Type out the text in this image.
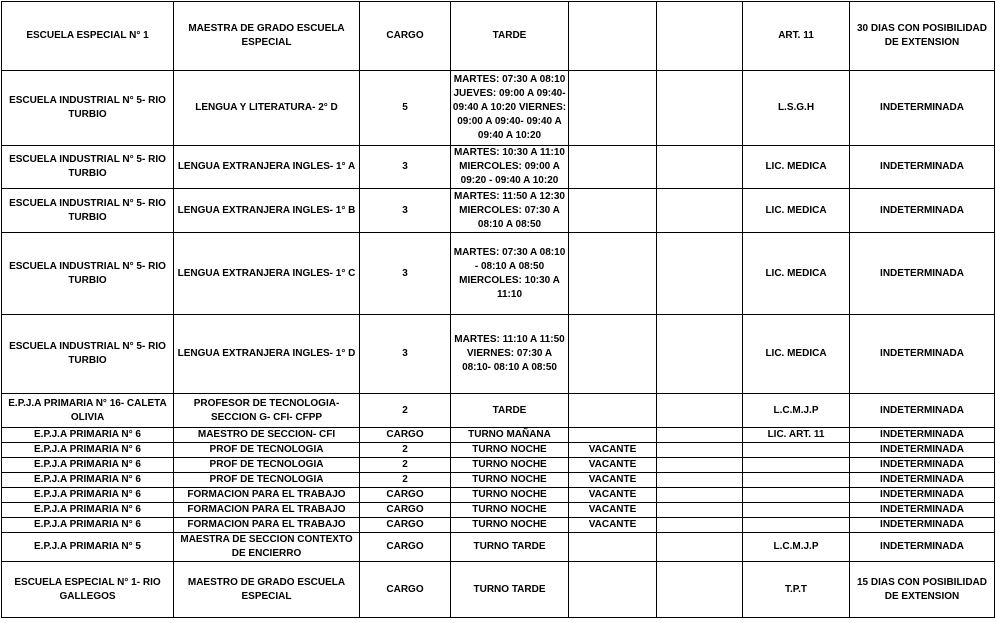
ESCUELA ESPECIAL N° 1	MAESTRA DE GRADO ESCUELA ESPECIAL	CARGO	TARDE			ART. 11	30 DIAS CON POSIBILIDAD DE EXTENSION
ESCUELA INDUSTRIAL N° 5- RIO TURBIO	LENGUA Y LITERATURA- 2° D	5	MARTES: 07:30 A 08:10 JUEVES: 09:00 A 09:40- 09:40 A 10:20 VIERNES: 09:00 A 09:40- 09:40 A 09:40 A 10:20			L.S.G.H	INDETERMINADA
ESCUELA INDUSTRIAL N° 5- RIO TURBIO	LENGUA EXTRANJERA INGLES- 1° A	3	MARTES: 10:30 A 11:10 MIERCOLES: 09:00 A 09:20 - 09:40 A 10:20			LIC. MEDICA	INDETERMINADA
ESCUELA INDUSTRIAL N° 5- RIO TURBIO	LENGUA EXTRANJERA INGLES- 1° B	3	MARTES: 11:50 A 12:30 MIERCOLES: 07:30 A 08:10 A 08:50			LIC. MEDICA	INDETERMINADA
ESCUELA INDUSTRIAL N° 5- RIO TURBIO	LENGUA EXTRANJERA INGLES- 1° C	3	MARTES: 07:30 A 08:10 - 08:10 A 08:50 MIERCOLES: 10:30 A 11:10			LIC. MEDICA	INDETERMINADA
ESCUELA INDUSTRIAL N° 5- RIO TURBIO	LENGUA EXTRANJERA INGLES- 1° D	3	MARTES: 11:10 A 11:50 VIERNES: 07:30 A 08:10- 08:10 A 08:50			LIC. MEDICA	INDETERMINADA
E.P.J.A PRIMARIA N° 16- CALETA OLIVIA	PROFESOR DE TECNOLOGIA- SECCION G- CFI- CFPP	2	TARDE			L.C.M.J.P	INDETERMINADA
E.P.J.A PRIMARIA N° 6	MAESTRO DE SECCION- CFI	CARGO	TURNO MAÑANA			LIC. ART. 11	INDETERMINADA
E.P.J.A PRIMARIA N° 6	PROF DE TECNOLOGIA	2	TURNO NOCHE	VACANTE			INDETERMINADA
E.P.J.A PRIMARIA N° 6	PROF DE TECNOLOGIA	2	TURNO NOCHE	VACANTE			INDETERMINADA
E.P.J.A PRIMARIA N° 6	PROF DE TECNOLOGIA	2	TURNO NOCHE	VACANTE			INDETERMINADA
E.P.J.A PRIMARIA N° 6	FORMACION PARA EL TRABAJO	CARGO	TURNO NOCHE	VACANTE			INDETERMINADA
E.P.J.A PRIMARIA N° 6	FORMACION PARA EL TRABAJO	CARGO	TURNO NOCHE	VACANTE			INDETERMINADA
E.P.J.A PRIMARIA N° 6	FORMACION PARA EL TRABAJO	CARGO	TURNO NOCHE	VACANTE			INDETERMINADA
E.P.J.A PRIMARIA N° 5	MAESTRA DE SECCION CONTEXTO DE ENCIERRO	CARGO	TURNO TARDE			L.C.M.J.P	INDETERMINADA
ESCUELA ESPECIAL N° 1- RIO GALLEGOS	MAESTRO DE GRADO ESCUELA ESPECIAL	CARGO	TURNO TARDE			T.P.T	15 DIAS CON POSIBILIDAD DE EXTENSION
